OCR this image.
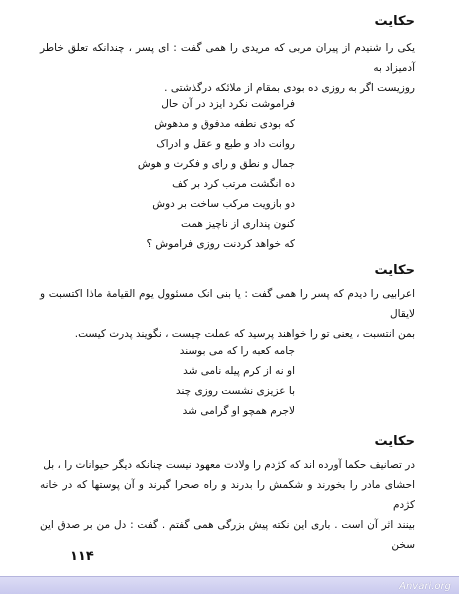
حکایت
یکی را شنیدم از پیران مربی که مریدی را همی گفت : ای پسر ، چندانکه تعلق خاطر آدمیزاد به
روزیست اگر به روزی ده بودی بمقام از ملائکه درگذشتی .
فراموشت نکرد ایزد در آن حال
که بودی نطفه مدفوق و مدهوش
روانت داد و طبع و عقل و ادراک
جمال و نطق و رای و فکرت و هوش
ده انگشت مرتب کرد بر کف
دو بازویت مرکب ساخت بر دوش
کنون پنداری از ناچیز همت
که خواهد کردنت روزی فراموش ؟
حکایت
اعرابیی را دیدم که پسر را همی گفت : یا بنی انک مسئوول یوم القیامة ماذا اکتسبت و لایقال
بمن انتسبت ، یعنی تو را خواهند پرسید که عملت چیست ، نگویند پدرت کیست.
جامه کعبه را که می بوسند
او نه از کرم پیله نامی شد
با عزیزی نشست روزی چند
لاجرم همچو او گرامی شد
حکایت
در تصانیف حکما آورده اند که کژدم را ولادت معهود نیست چنانکه دیگر حیوانات را ، بل
احشای مادر را بخورند و شکمش را بدرند و راه صحرا گیرند و آن پوستها که در خانه کژدم
بینند اثر آن است . باری این نکته پیش بزرگی همی گفتم . گفت : دل من بر صدق این سخن
۱۱۴
Anvari.org
